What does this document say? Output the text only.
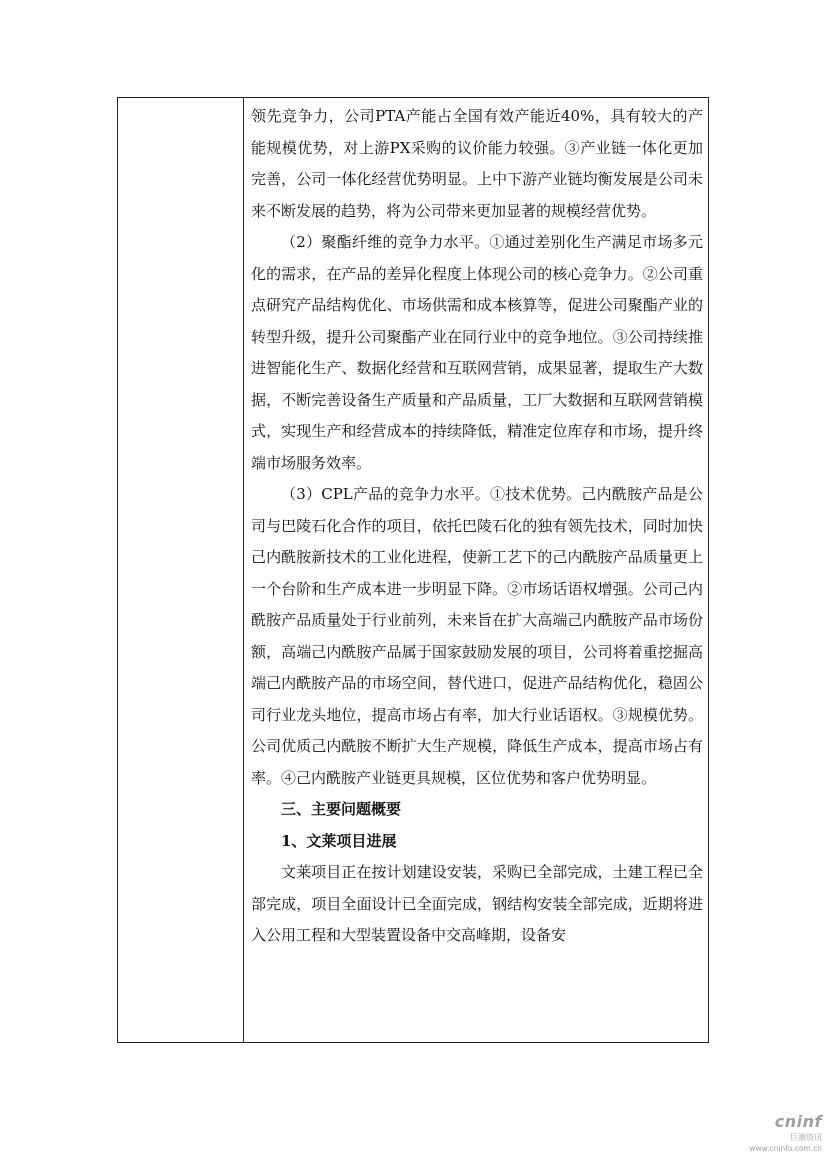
领先竞争力，公司PTA产能占全国有效产能近40%，具有较大的产能规模优势，对上游PX采购的议价能力较强。③产业链一体化更加完善，公司一体化经营优势明显。上中下游产业链均衡发展是公司未来不断发展的趋势，将为公司带来更加显著的规模经营优势。

（2）聚酯纤维的竞争力水平。①通过差别化生产满足市场多元化的需求，在产品的差异化程度上体现公司的核心竞争力。②公司重点研究产品结构优化、市场供需和成本核算等，促进公司聚酯产业的转型升级，提升公司聚酯产业在同行业中的竞争地位。③公司持续推进智能化生产、数据化经营和互联网营销，成果显著，提取生产大数据，不断完善设备生产质量和产品质量，工厂大数据和互联网营销模式，实现生产和经营成本的持续降低，精准定位库存和市场，提升终端市场服务效率。

（3）CPL产品的竞争力水平。①技术优势。己内酰胺产品是公司与巴陵石化合作的项目，依托巴陵石化的独有领先技术，同时加快己内酰胺新技术的工业化进程，使新工艺下的己内酰胺产品质量更上一个台阶和生产成本进一步明显下降。②市场话语权增强。公司己内酰胺产品质量处于行业前列，未来旨在扩大高端己内酰胺产品市场份额，高端己内酰胺产品属于国家鼓励发展的项目，公司将着重挖掘高端己内酰胺产品的市场空间，替代进口，促进产品结构优化，稳固公司行业龙头地位，提高市场占有率，加大行业话语权。③规模优势。公司优质己内酰胺不断扩大生产规模，降低生产成本，提高市场占有率。④己内酰胺产业链更具规模，区位优势和客户优势明显。

三、主要问题概要

1、文莱项目进展

文莱项目正在按计划建设安装，采购已全部完成，土建工程已全部完成，项目全面设计已全面完成，钢结构安装全部完成，近期将进入公用工程和大型装置设备中交高峰期，设备安

cninf
巨潮资讯
www.cninfo.com.cn
